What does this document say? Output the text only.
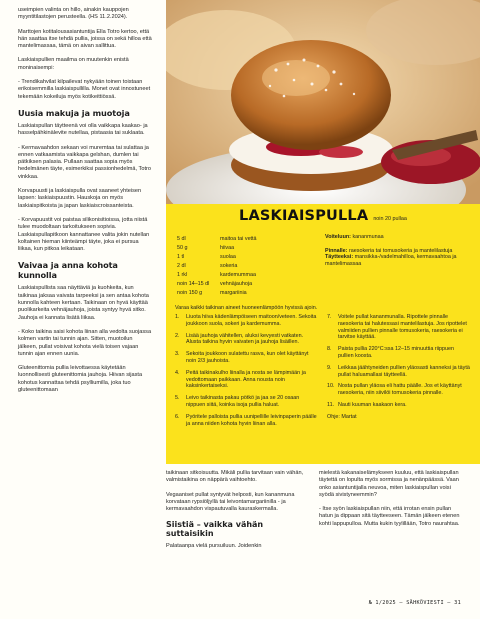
useimpien valinta on hillo, ainakin kauppojen myyntitilastojen perusteella. (HS 11.2.2024).

Marttojen kotitalousasiantuntija Ella Totro kertoo, että hän saattaa itse tehdä pullia, joissa on sekä hilloa että mantelimassaa, tämä on aivan sallittua.

Laskiaispullien maailma on muutenkin enistä moninaisempi:

- Trendikahvilat kilpailevat nykyään toinen toistaan erikoisemmilla laskiaispullilla. Monet ovat innostuneet tekemään kokeiluja myös kotikeittiössä.

Uusia makuja ja muotoja

Laskiaispullan täytteenä voi olla vaikkapa kaakao- ja hasselpähkinälevite nutellaa, pistaasia tai suklaata.

- Kermavaahdon sekaan voi muremtaa tai sulattaa ja ennen vatkaamista vaikkapa gelshan, dumlen tai pätkiksen palasia. Pullaan saattaa sopia myös hedelmänen täyte, esimerkiksi passionhedelmä, Totro vinkkaa.

Korvapuusti ja laskiaispulla ovat saaneet yhteisen lapsen: laskiaispuustin. Hauskoja on myös laskiaispitkoista ja japan laskiaiscroissanteista.

- Korvapuustit voi paistaa silikonisitioissa, jotta niistä tulee muodoltaan tarkoitukseen sopivia. Laskiaispullapitkoon kannattanee valita jokin nutellan koltainen hieman kiinteämpi täyte, joka ei pursua liikaa, kun pitkoa leikataan.

Vaivaa ja anna kohota kunnolla

Laskiaispullista saa näyttäviä ja kuohkeita, kun taikinaa jaksaa vaivata tarpeeksi ja sen antaa kohota kunnolla kahteen kertaan. Taikinaan on hyvä käyttää puolikarkeita vehnäjauhoja, joista syntyy hyvä sitko. Jauhoja ei kannata lisätä liikaa.

- Koko taikina saisi kohota liinan alla vedolta suojassa kolmen vartin tai tunnin ajan. Sitten, muotoilun jälkeen, pullat voisivat kohota vielä toisen vajaan tunnin ajan ennen uunia.

Gluteenittomia pullia leivottaessa käytetään luonnollisesti gluteenittomia jauhoja. Hiivan sijasta kohotus kannattaa tehdä psylliumilla, joka tuo gluteenittomaan

LASKIAISPULLA noin 20 pullaa
5 dl	maitoa tai vettä
50 g	hiivaa
1 tl	suolaa
2 dl	sokeria
1 rkl	kardemummaa
noin 14–15 dl	vehnäjauhoja
noin 150 g	margariinia

Voiteluun: kananmunaa

Pinnalle: raesokeria tai tomusokeria ja mantelilastuja

Täytteeksi: mansikka-/vadelmahilloa, kermavaahtoa ja mantelimassaa

Varaa kaikki taikinan aineet huoneenlämpöön hyvissä ajoin.

1.	Liuota hiiva kädenlämpöiseen maitoon/veteen. Sekoita joukkoon suola, sokeri ja kardemumma.
2.	Lisää jauhoja vähitellen, aluksi kevyesti vatkaten. Alusta taikina hyvin vaivaten ja jauhoja lisäillen.
3.	Sekoita joukkoon sulatettu rasva, kun olet käyttänyt noin 2/3 jauhoista.
4.	Peitä taikinakulho liinalla ja nosta se lämpimään ja vedottomaan paikkaan. Anna nousta noin kaksinkertaiseksi.
5.	Leivo taikinasta pakau pötkö ja jaa se 20 osaan nippuen siitä, koinka isoja pullia haluat.
6.	Pyöritele palloista pullia uunipellille leivinpaperin päälle ja anna niiden kohota hyvin liinan alla.
7.	Voitele pullat kananmunalla. Ripottele pinnalle raesokeria tai halutessasi mantelilastuja. Jos ripottelet valmiiden pullien pinnalle tomusokeria, raesokeria ei tarvitse käyttää.
8.	Paista pullia 220°C:ssa 12–15 minuuttia riippuen pullien koosta.
9.	Leikkaa jäähtyneiden pullien yläosasti kanneksi ja täytä pullat haluamallasi täytteellä.
10. Nosta pullan yläosa eli hattu päälle. Jos et käyttänyt raesokeria, niin siivilöi tomusokeria pinnalle.
11. Nauti kuuman kaakaon kera.
Ohje: Martat

taikinaan sitkoisuutta. Mikäli pullia tarvitaan vain vähän, valmistaikina on näppärä vaihtoehto.

Vegaaniset pullat syntyvät helposti, kun kananmuna korvataan rypsiöljyllä tai leivontamargariinilla - ja kermavaahdon vispautuvalla kauraskermalla.

Siistiä – vaikka vähän suttaisikin

Palataanpa vielä pursuiluun. Joidenkin

mielestä kakanaiselämykseen kuuluu, että laskiaispullan täytettä on lopulta myös sormissa ja nenänpäässä. Vaan onko asiantuntijalla neuvoa, miten laskiaispullan voisi syödä sivistyneemmin?

- Itse syön laskiaispullan niin, että irrotan ensin pullan hatun ja dippaan sitä täytteeseen. Tämän jälkeen etenen kohti lappupulloa. Mutta kukin tyylillään, Totro naurahtaa.

№ 1/2025 — SÄHKÖVIESTI — 31
